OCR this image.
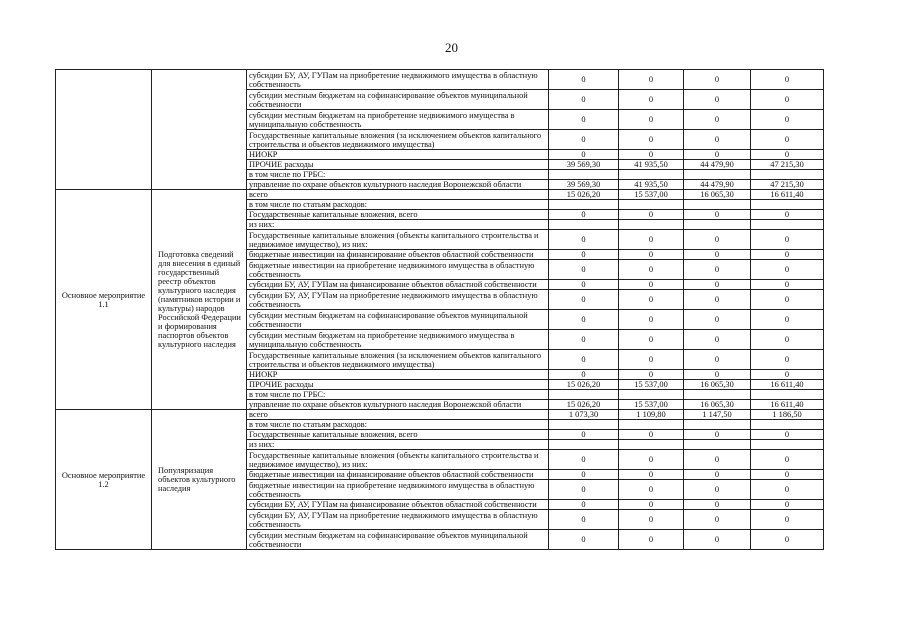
20
		субсидии БУ, АУ, ГУПам на приобретение недвижимого имущества в областную собственность	0	0	0	0
		субсидии местным бюджетам на софинансирование объектов муниципальной собственности	0	0	0	0
		субсидии местным бюджетам на приобретение недвижимого имущества в муниципальную собственность	0	0	0	0
		Государственные капитальные вложения (за исключением объектов капитального строительства и объектов недвижимого имущества)	0	0	0	0
		НИОКР	0	0	0	0
		ПРОЧИЕ расходы	39 569,30	41 935,50	44 479,90	47 215,30
		в том числе по ГРБС:				
		управление по охране объектов культурного наследия Воронежской области	39 569,30	41 935,50	44 479,90	47 215,30
Основное мероприятие 1.1	Подготовка сведений для внесения в единый государственный реестр объектов культурного наследия (памятников истории и культуры) народов Российской Федерации и формирования паспортов объектов культурного наследия	всего	15 026,20	15 537,00	16 065,30	16 611,40
		в том числе по статьям расходов:				
		Государственные капитальные вложения, всего	0	0	0	0
		из них:				
		Государственные капитальные вложения (объекты капитального строительства и недвижимое имущество), из них:	0	0	0	0
		бюджетные инвестиции на финансирование объектов областной собственности	0	0	0	0
		бюджетные инвестиции на приобретение недвижимого имущества в областную собственность	0	0	0	0
		субсидии БУ, АУ, ГУПам на финансирование объектов областной собственности	0	0	0	0
		субсидии БУ, АУ, ГУПам на приобретение недвижимого имущества в областную собственность	0	0	0	0
		субсидии местным бюджетам на софинансирование объектов муниципальной собственности	0	0	0	0
		субсидии местным бюджетам на приобретение недвижимого имущества в муниципальную собственность	0	0	0	0
		Государственные капитальные вложения (за исключением объектов капитального строительства и объектов недвижимого имущества)	0	0	0	0
		НИОКР	0	0	0	0
		ПРОЧИЕ расходы	15 026,20	15 537,00	16 065,30	16 611,40
		в том числе по ГРБС:				
		управление по охране объектов культурного наследия Воронежской области	15 026,20	15 537,00	16 065,30	16 611,40
Основное мероприятие 1.2	Популяризация объектов культурного наследия	всего	1 073,30	1 109,80	1 147,50	1 186,50
		в том числе по статьям расходов:				
		Государственные капитальные вложения, всего	0	0	0	0
		из них:				
		Государственные капитальные вложения (объекты капитального строительства и недвижимое имущество), из них:	0	0	0	0
		бюджетные инвестиции на финансирование объектов областной собственности	0	0	0	0
		бюджетные инвестиции на приобретение недвижимого имущества в областную собственность	0	0	0	0
		субсидии БУ, АУ, ГУПам на финансирование объектов областной собственности	0	0	0	0
		субсидии БУ, АУ, ГУПам на приобретение недвижимого имущества в областную собственность	0	0	0	0
		субсидии местным бюджетам на софинансирование объектов муниципальной собственности	0	0	0	0
